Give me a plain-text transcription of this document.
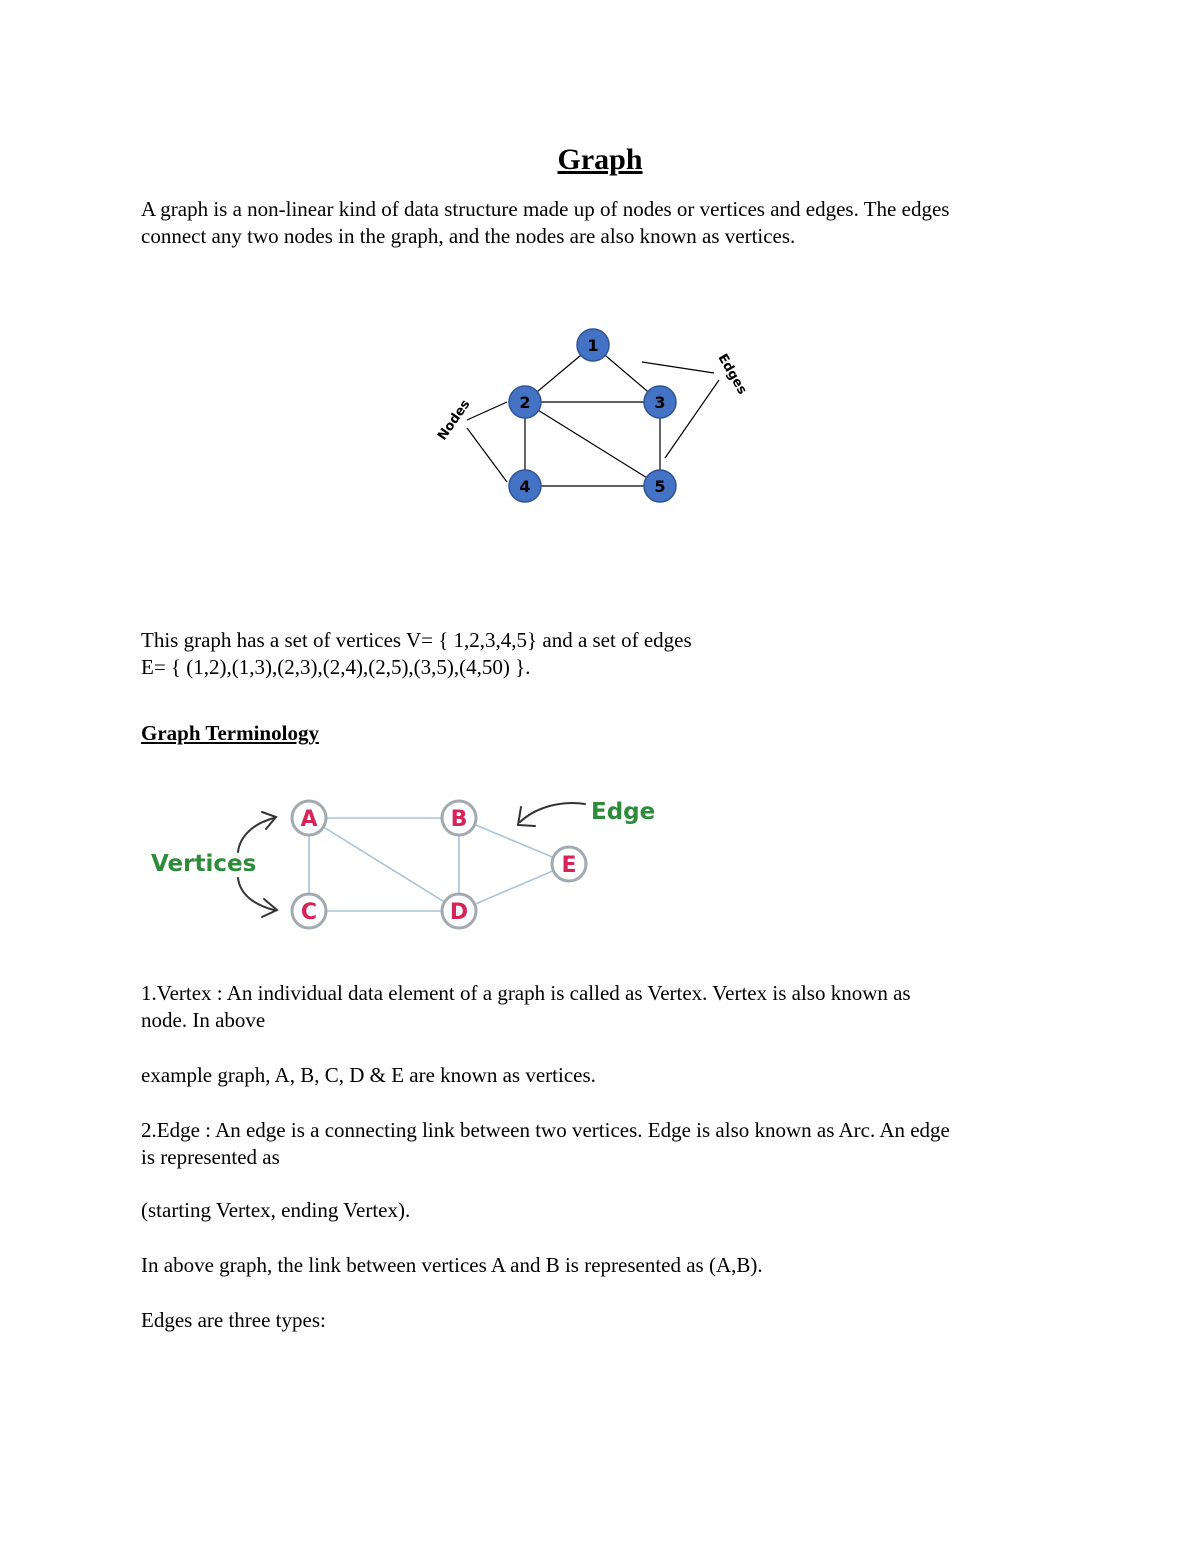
Graph

A graph is a non-linear kind of data structure made up of nodes or vertices and edges. The edges
connect any two nodes in the graph, and the nodes are also known as vertices.

1
2	3
4	5
Nodes
Edges

This graph has a set of vertices V= { 1,2,3,4,5} and a set of edges
E= { (1,2),(1,3),(2,3),(2,4),(2,5),(3,5),(4,50) }.

Graph Terminology
A	B
C	D
E
Vertices
Edge

1.Vertex : An individual data element of a graph is called as Vertex. Vertex is also known as
node. In above

example graph, A, B, C, D & E are known as vertices.

2.Edge : An edge is a connecting link between two vertices. Edge is also known as Arc. An edge
is represented as

(starting Vertex, ending Vertex).

In above graph, the link between vertices A and B is represented as (A,B).

Edges are three types:
